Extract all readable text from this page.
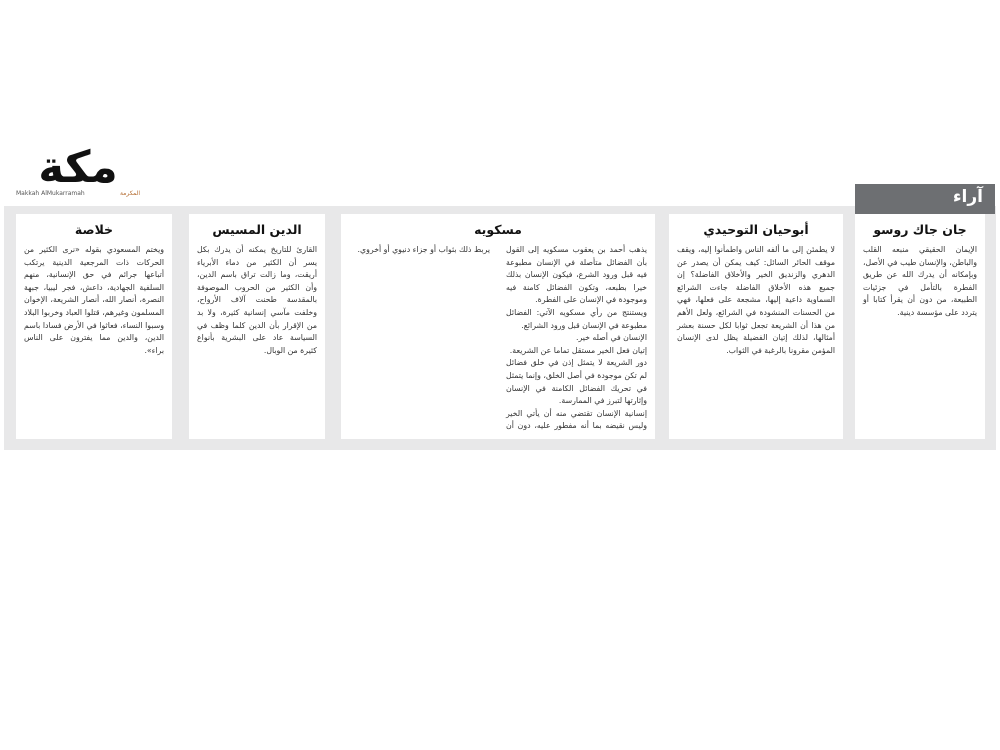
مكة
Makkah AlMukarramah	المكرمة	آراء
جان جاك روسو

الإيمان الحقيقي منبعه القلب والباطن، والإنسان طيب في الأصل، وبإمكانه أن يدرك الله عن طريق الفطرة بالتأمل في جزئيات الطبيعة، من دون أن يقرأ كتابا أو يتردد على مؤسسة دينية.

أبوحيان التوحيدي

لا يطمئن إلى ما ألفه الناس واطمأنوا إليه، ويقف موقف الحائر السائل: كيف يمكن أن يصدر عن الدهري والزنديق الخير والأخلاق الفاضلة؟ إن جميع هذه الأخلاق الفاضلة جاءت الشرائع السماوية داعية إليها، مشجعة على فعلها، فهي من الحسنات المنشودة في الشرائع، ولعل الأهم من هذا أن الشريعة تجعل ثوابا لكل حسنة بعشر أمثالها، لذلك إتيان الفضيلة يظل لدى الإنسان المؤمن مقرونا بالرغبة في الثواب.

مسكويه

يذهب أحمد بن يعقوب مسكويه إلى القول بأن الفضائل متأصلة في الإنسان مطبوعة فيه قبل ورود الشرع، فيكون الإنسان بذلك خيرا بطبعه، وتكون الفضائل كامنة فيه وموجودة في الإنسان على الفطرة.

ويستنتج من رأي مسكويه الآتي: الفضائل مطبوعة في الإنسان قبل ورود الشرائع.

الإنسان في أصله خير.

إتيان فعل الخير مستقل تماما عن الشريعة.

دور الشريعة لا يتمثل إذن في خلق فضائل لم تكن موجودة في أصل الخلق، وإنما يتمثل في تحريك الفضائل الكامنة في الإنسان وإثارتها لتبرز في الممارسة.

إنسانية الإنسان تقتضي منه أن يأتي الخير وليس نقيضه بما أنه مفطور عليه، دون أن يربط ذلك بثواب أو جزاء دنيوي أو أخروي.

الدين المسيس

القارئ للتاريخ يمكنه أن يدرك بكل يسر أن الكثير من دماء الأبرياء أريقت، وما زالت تراق باسم الدين، وأن الكثير من الحروب الموصوفة بالمقدسة طحنت آلاف الأرواح، وخلفت مآسي إنسانية كثيرة، ولا بد من الإقرار بأن الدين كلما وظف في السياسة عاد على البشرية بأنواع كثيرة من الوبال.

خلاصة

ويختم المسعودي بقوله «نرى الكثير من الحركات ذات المرجعية الدينية يرتكب أتباعها جرائم في حق الإنسانية، منهم السلفية الجهادية، داعش، فجر ليبيا، جبهة النصرة، أنصار الله، أنصار الشريعة، الإخوان المسلمون وغيرهم، قتلوا العباد وخربوا البلاد وسبوا النساء، فعاثوا في الأرض فسادا باسم الدين، والدين مما يفترون على الناس براء».
